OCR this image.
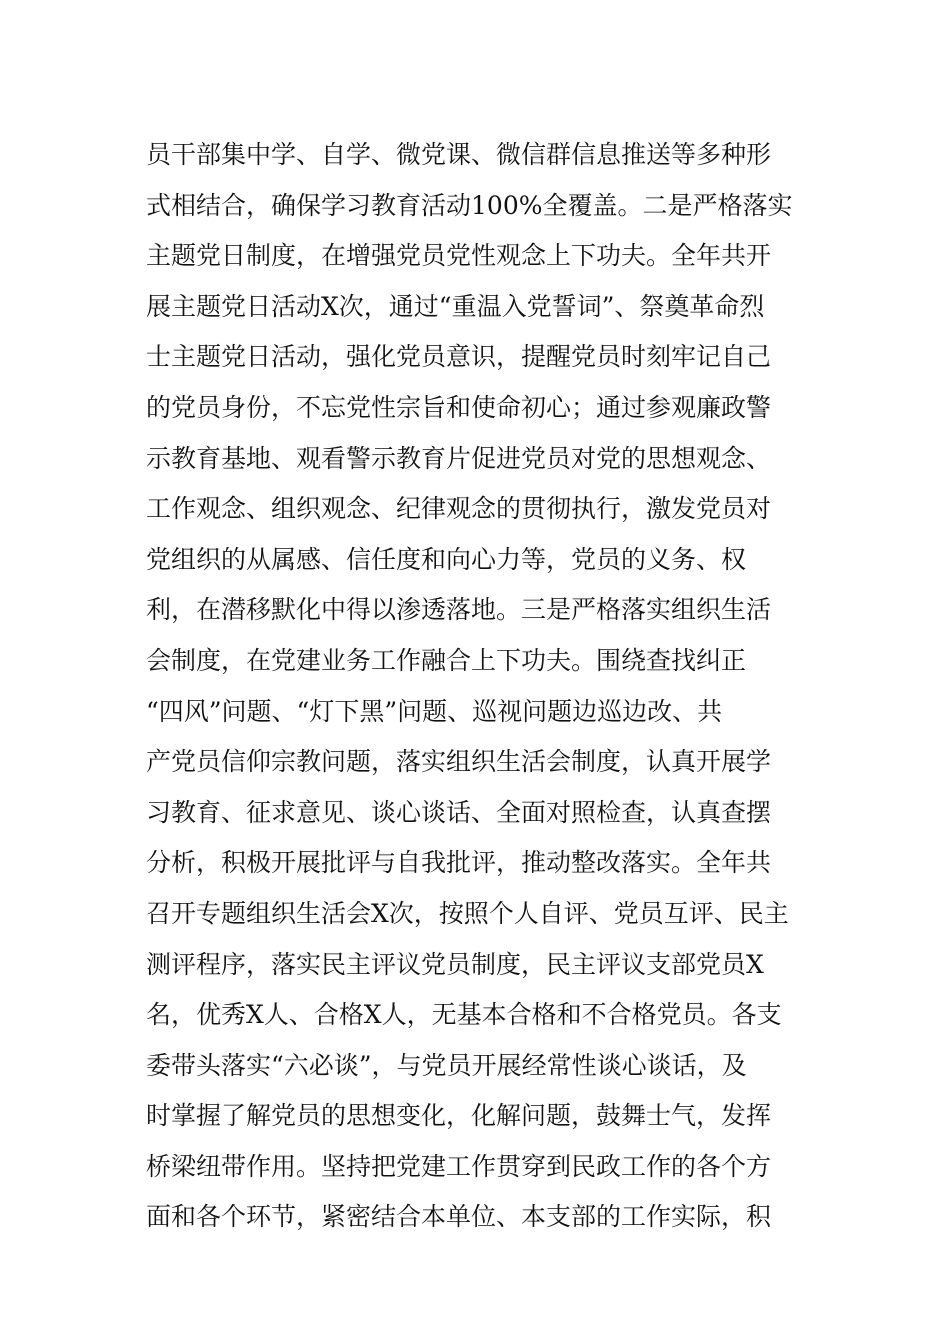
员干部集中学、自学、微党课、微信群信息推送等多种形
式相结合，确保学习教育活动100%全覆盖。二是严格落实
主题党日制度，在增强党员党性观念上下功夫。全年共开
展主题党日活动X次，通过“重温入党誓词”、祭奠革命烈
士主题党日活动，强化党员意识，提醒党员时刻牢记自己
的党员身份，不忘党性宗旨和使命初心；通过参观廉政警
示教育基地、观看警示教育片促进党员对党的思想观念、
工作观念、组织观念、纪律观念的贯彻执行，激发党员对
党组织的从属感、信任度和向心力等，党员的义务、权
利，在潜移默化中得以渗透落地。三是严格落实组织生活
会制度，在党建业务工作融合上下功夫。围绕查找纠正
“四风”问题、“灯下黑”问题、巡视问题边巡边改、共
产党员信仰宗教问题，落实组织生活会制度，认真开展学
习教育、征求意见、谈心谈话、全面对照检查，认真查摆
分析，积极开展批评与自我批评，推动整改落实。全年共
召开专题组织生活会X次，按照个人自评、党员互评、民主
测评程序，落实民主评议党员制度，民主评议支部党员X
名，优秀X人、合格X人，无基本合格和不合格党员。各支
委带头落实“六必谈”，与党员开展经常性谈心谈话，及
时掌握了解党员的思想变化，化解问题，鼓舞士气，发挥
桥梁纽带作用。坚持把党建工作贯穿到民政工作的各个方
面和各个环节，紧密结合本单位、本支部的工作实际，积
